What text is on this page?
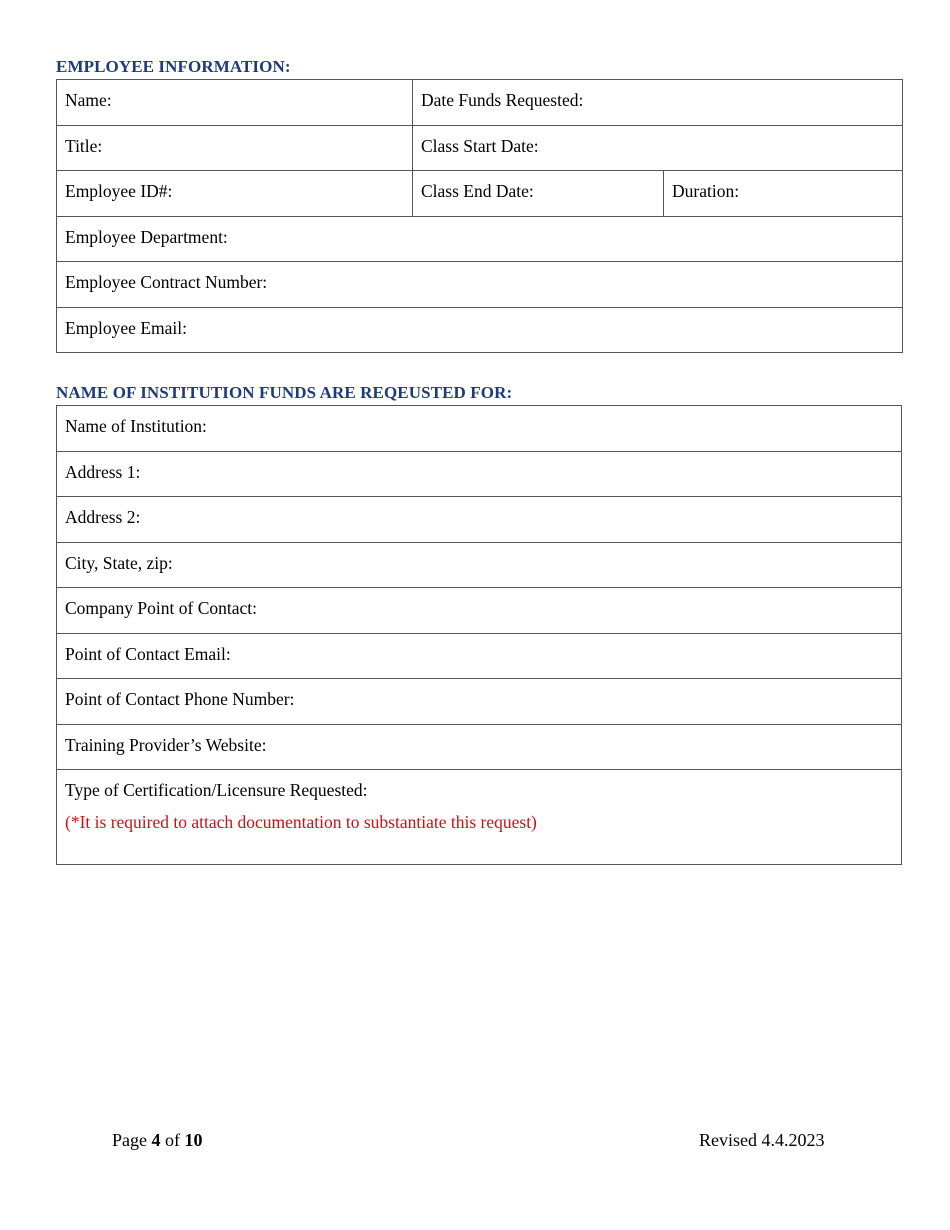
EMPLOYEE INFORMATION:
Name:	Date Funds Requested:	
Title:	Class Start Date:	
Employee ID#:	Class End Date:	Duration:
Employee Department:		
Employee Contract Number:		
Employee Email:		
NAME OF INSTITUTION FUNDS ARE REQEUSTED FOR:
Name of Institution:
Address 1:
Address 2:
City, State, zip:
Company Point of Contact:
Point of Contact Email:
Point of Contact Phone Number:
Training Provider’s Website:
Type of Certification/Licensure Requested:
(*It is required to attach documentation to substantiate this request)
Page 4 of 10	Revised 4.4.2023
